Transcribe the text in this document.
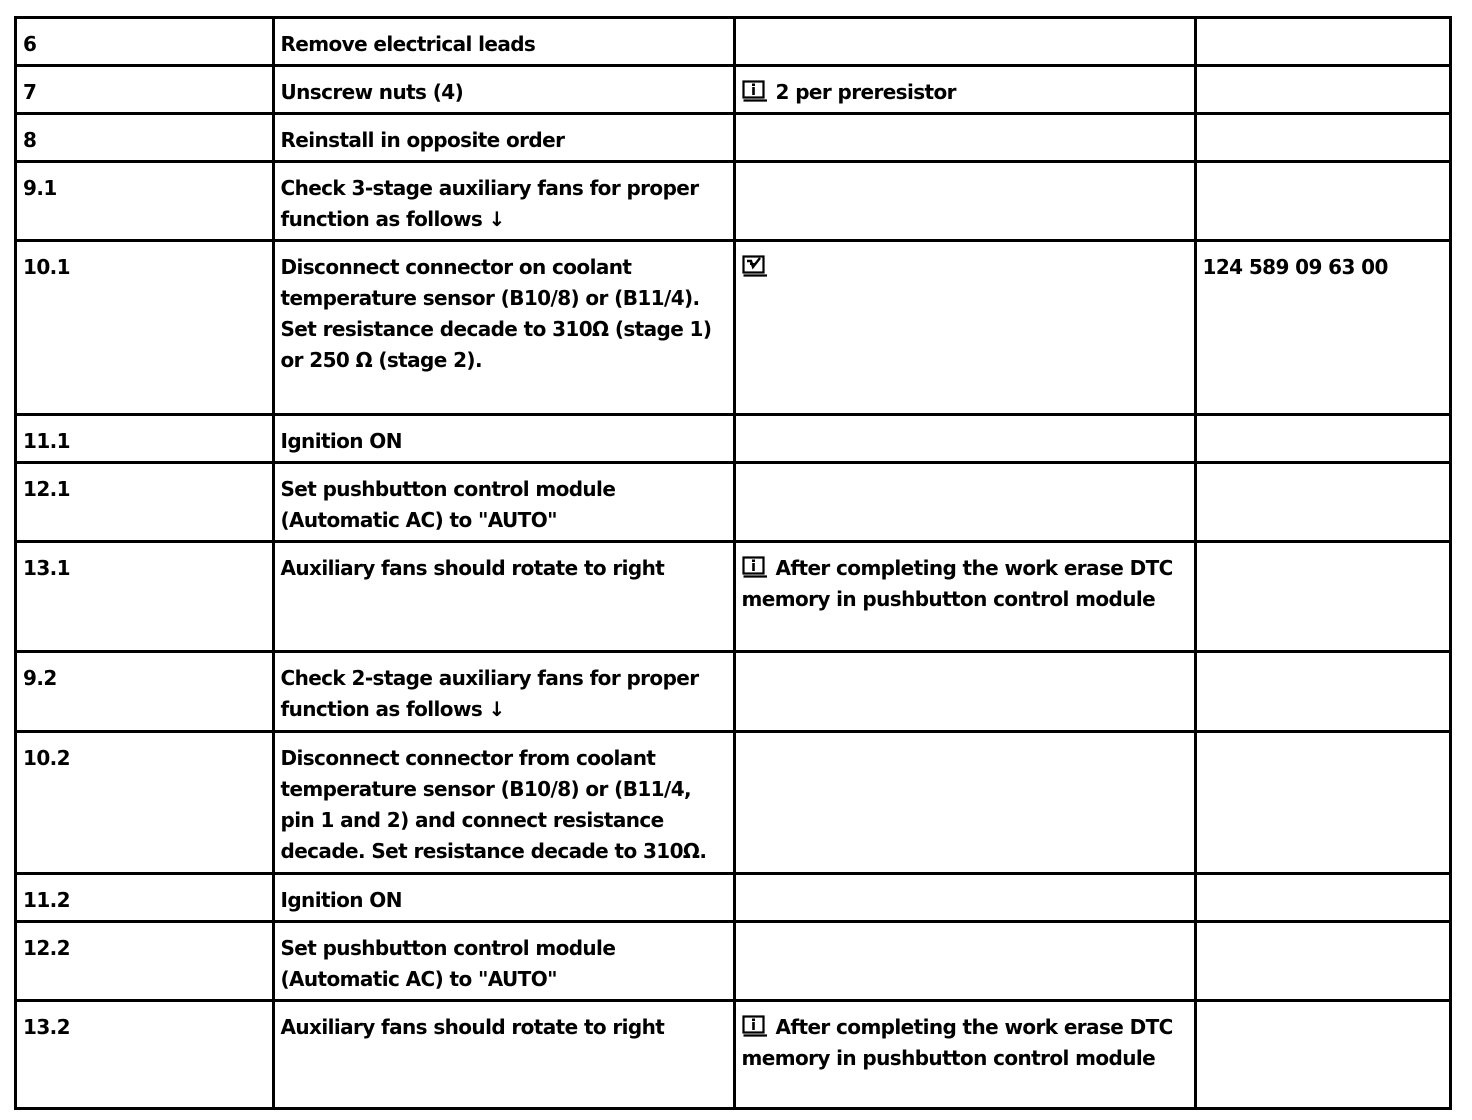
6	Remove electrical leads		
7	Unscrew nuts (4)	2 per preresistor	
8	Reinstall in opposite order		
9.1	Check 3-stage auxiliary fans for proper function as follows ↓		
10.1	Disconnect connector on coolant temperature sensor (B10/8) or (B11/4). Set resistance decade to 310Ω (stage 1) or 250 Ω (stage 2).		124 589 09 63 00
11.1	Ignition ON		
12.1	Set pushbutton control module (Automatic AC) to "AUTO"		
13.1	Auxiliary fans should rotate to right	After completing the work erase DTC memory in pushbutton control module	
9.2	Check 2-stage auxiliary fans for proper function as follows ↓		
10.2	Disconnect connector from coolant temperature sensor (B10/8) or (B11/4, pin 1 and 2) and connect resistance decade. Set resistance decade to 310Ω.		
11.2	Ignition ON		
12.2	Set pushbutton control module (Automatic AC) to "AUTO"		
13.2	Auxiliary fans should rotate to right	After completing the work erase DTC memory in pushbutton control module	
